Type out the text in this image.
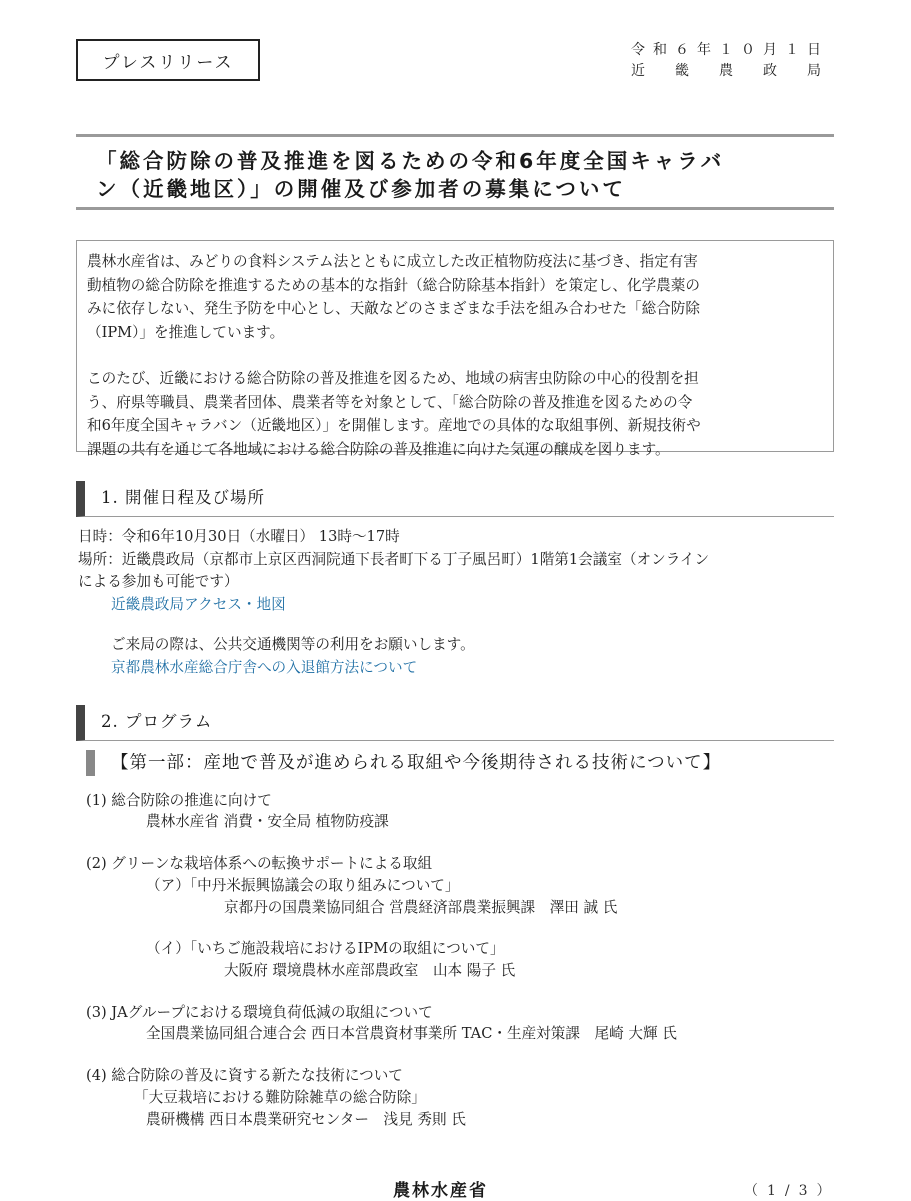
プレスリリース
令和６年１０月１日
近　畿　農　政　局
「総合防除の普及推進を図るための令和6年度全国キャラバ
ン（近畿地区）」の開催及び参加者の募集について

農林水産省は、みどりの食料システム法とともに成立した改正植物防疫法に基づき、指定有害
動植物の総合防除を推進するための基本的な指針（総合防除基本指針）を策定し、化学農薬の
みに依存しない、発生予防を中心とし、天敵などのさまざまな手法を組み合わせた「総合防除
（IPM）」を推進しています。

このたび、近畿における総合防除の普及推進を図るため、地域の病害虫防除の中心的役割を担
う、府県等職員、農業者団体、農業者等を対象として、「総合防除の普及推進を図るための令
和6年度全国キャラバン（近畿地区）」を開催します。産地での具体的な取組事例、新規技術や
課題の共有を通じて各地域における総合防除の普及推進に向けた気運の醸成を図ります。

1. 開催日程及び場所
日時：令和6年10月30日（水曜日） 13時～17時
場所：近畿農政局（京都市上京区西洞院通下長者町下る丁子風呂町）1階第1会議室（オンライン
による参加も可能です）
近畿農政局アクセス・地図
ご来局の際は、公共交通機関等の利用をお願いします。
京都農林水産総合庁舎への入退館方法について
2. プログラム
【第一部：産地で普及が進められる取組や今後期待される技術について】
(1) 総合防除の推進に向けて
農林水産省 消費・安全局 植物防疫課
(2) グリーンな栽培体系への転換サポートによる取組
（ア）「中丹米振興協議会の取り組みについて」
京都丹の国農業協同組合 営農経済部農業振興課　澤田 誠 氏
（イ）「いちご施設栽培におけるIPMの取組について」
大阪府 環境農林水産部農政室　山本 陽子 氏
(3) JAグループにおける環境負荷低減の取組について
全国農業協同組合連合会 西日本営農資材事業所 TAC・生産対策課　尾崎 大輝 氏
(4) 総合防除の普及に資する新たな技術について
「大豆栽培における難防除雑草の総合防除」
農研機構 西日本農業研究センター　浅見 秀則 氏
農林水産省	（1/3）
